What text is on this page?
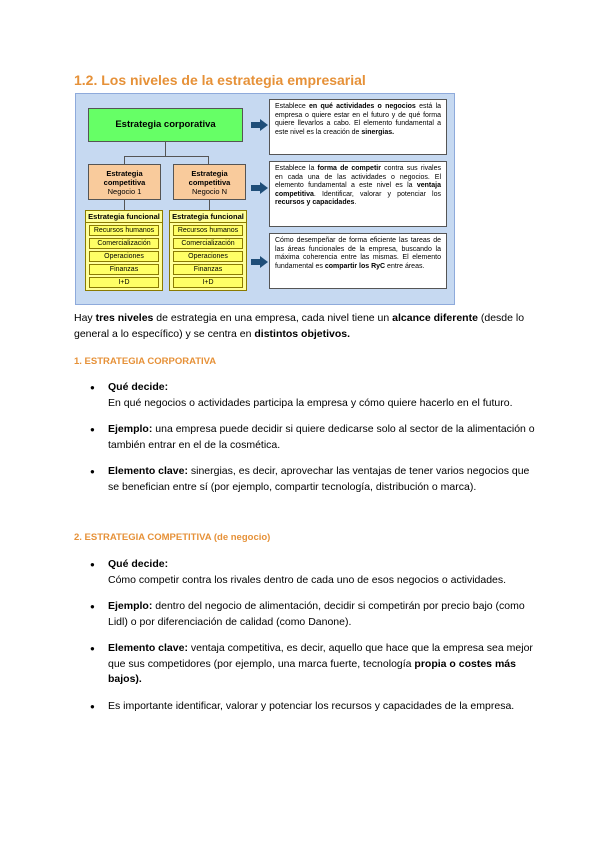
1.2. Los niveles de la estrategia empresarial
Estrategia corporativa
Estrategia competitiva
Negocio 1
Estrategia competitiva
Negocio N
Estrategia funcional
Recursos humanos
Comercialización
Operaciones
Finanzas
I+D
Estrategia funcional
Recursos humanos
Comercialización
Operaciones
Finanzas
I+D
Establece en qué actividades o negocios está la empresa o quiere estar en el futuro y de qué forma quiere llevarlos a cabo. El elemento fundamental a este nivel es la creación de sinergias.
Establece la forma de competir contra sus rivales en cada una de las actividades o negocios. El elemento fundamental a este nivel es la ventaja competitiva. Identificar, valorar y potenciar los recursos y capacidades.
Cómo desempeñar de forma eficiente las tareas de las áreas funcionales de la empresa, buscando la máxima coherencia entre las mismas. El elemento fundamental es compartir los RyC entre áreas.
Hay tres niveles de estrategia en una empresa, cada nivel tiene un alcance diferente (desde lo general a lo específico) y se centra en distintos objetivos.
1. ESTRATEGIA CORPORATIVA
● Qué decide:
En qué negocios o actividades participa la empresa y cómo quiere hacerlo en el futuro.
● Ejemplo: una empresa puede decidir si quiere dedicarse solo al sector de la alimentación o también entrar en el de la cosmética.
● Elemento clave: sinergias, es decir, aprovechar las ventajas de tener varios negocios que se benefician entre sí (por ejemplo, compartir tecnología, distribución o marca).
2. ESTRATEGIA COMPETITIVA (de negocio)
● Qué decide:
Cómo competir contra los rivales dentro de cada uno de esos negocios o actividades.
● Ejemplo: dentro del negocio de alimentación, decidir si competirán por precio bajo (como Lidl) o por diferenciación de calidad (como Danone).
● Elemento clave: ventaja competitiva, es decir, aquello que hace que la empresa sea mejor que sus competidores (por ejemplo, una marca fuerte, tecnología propia o costes más bajos).
● Es importante identificar, valorar y potenciar los recursos y capacidades de la empresa.
